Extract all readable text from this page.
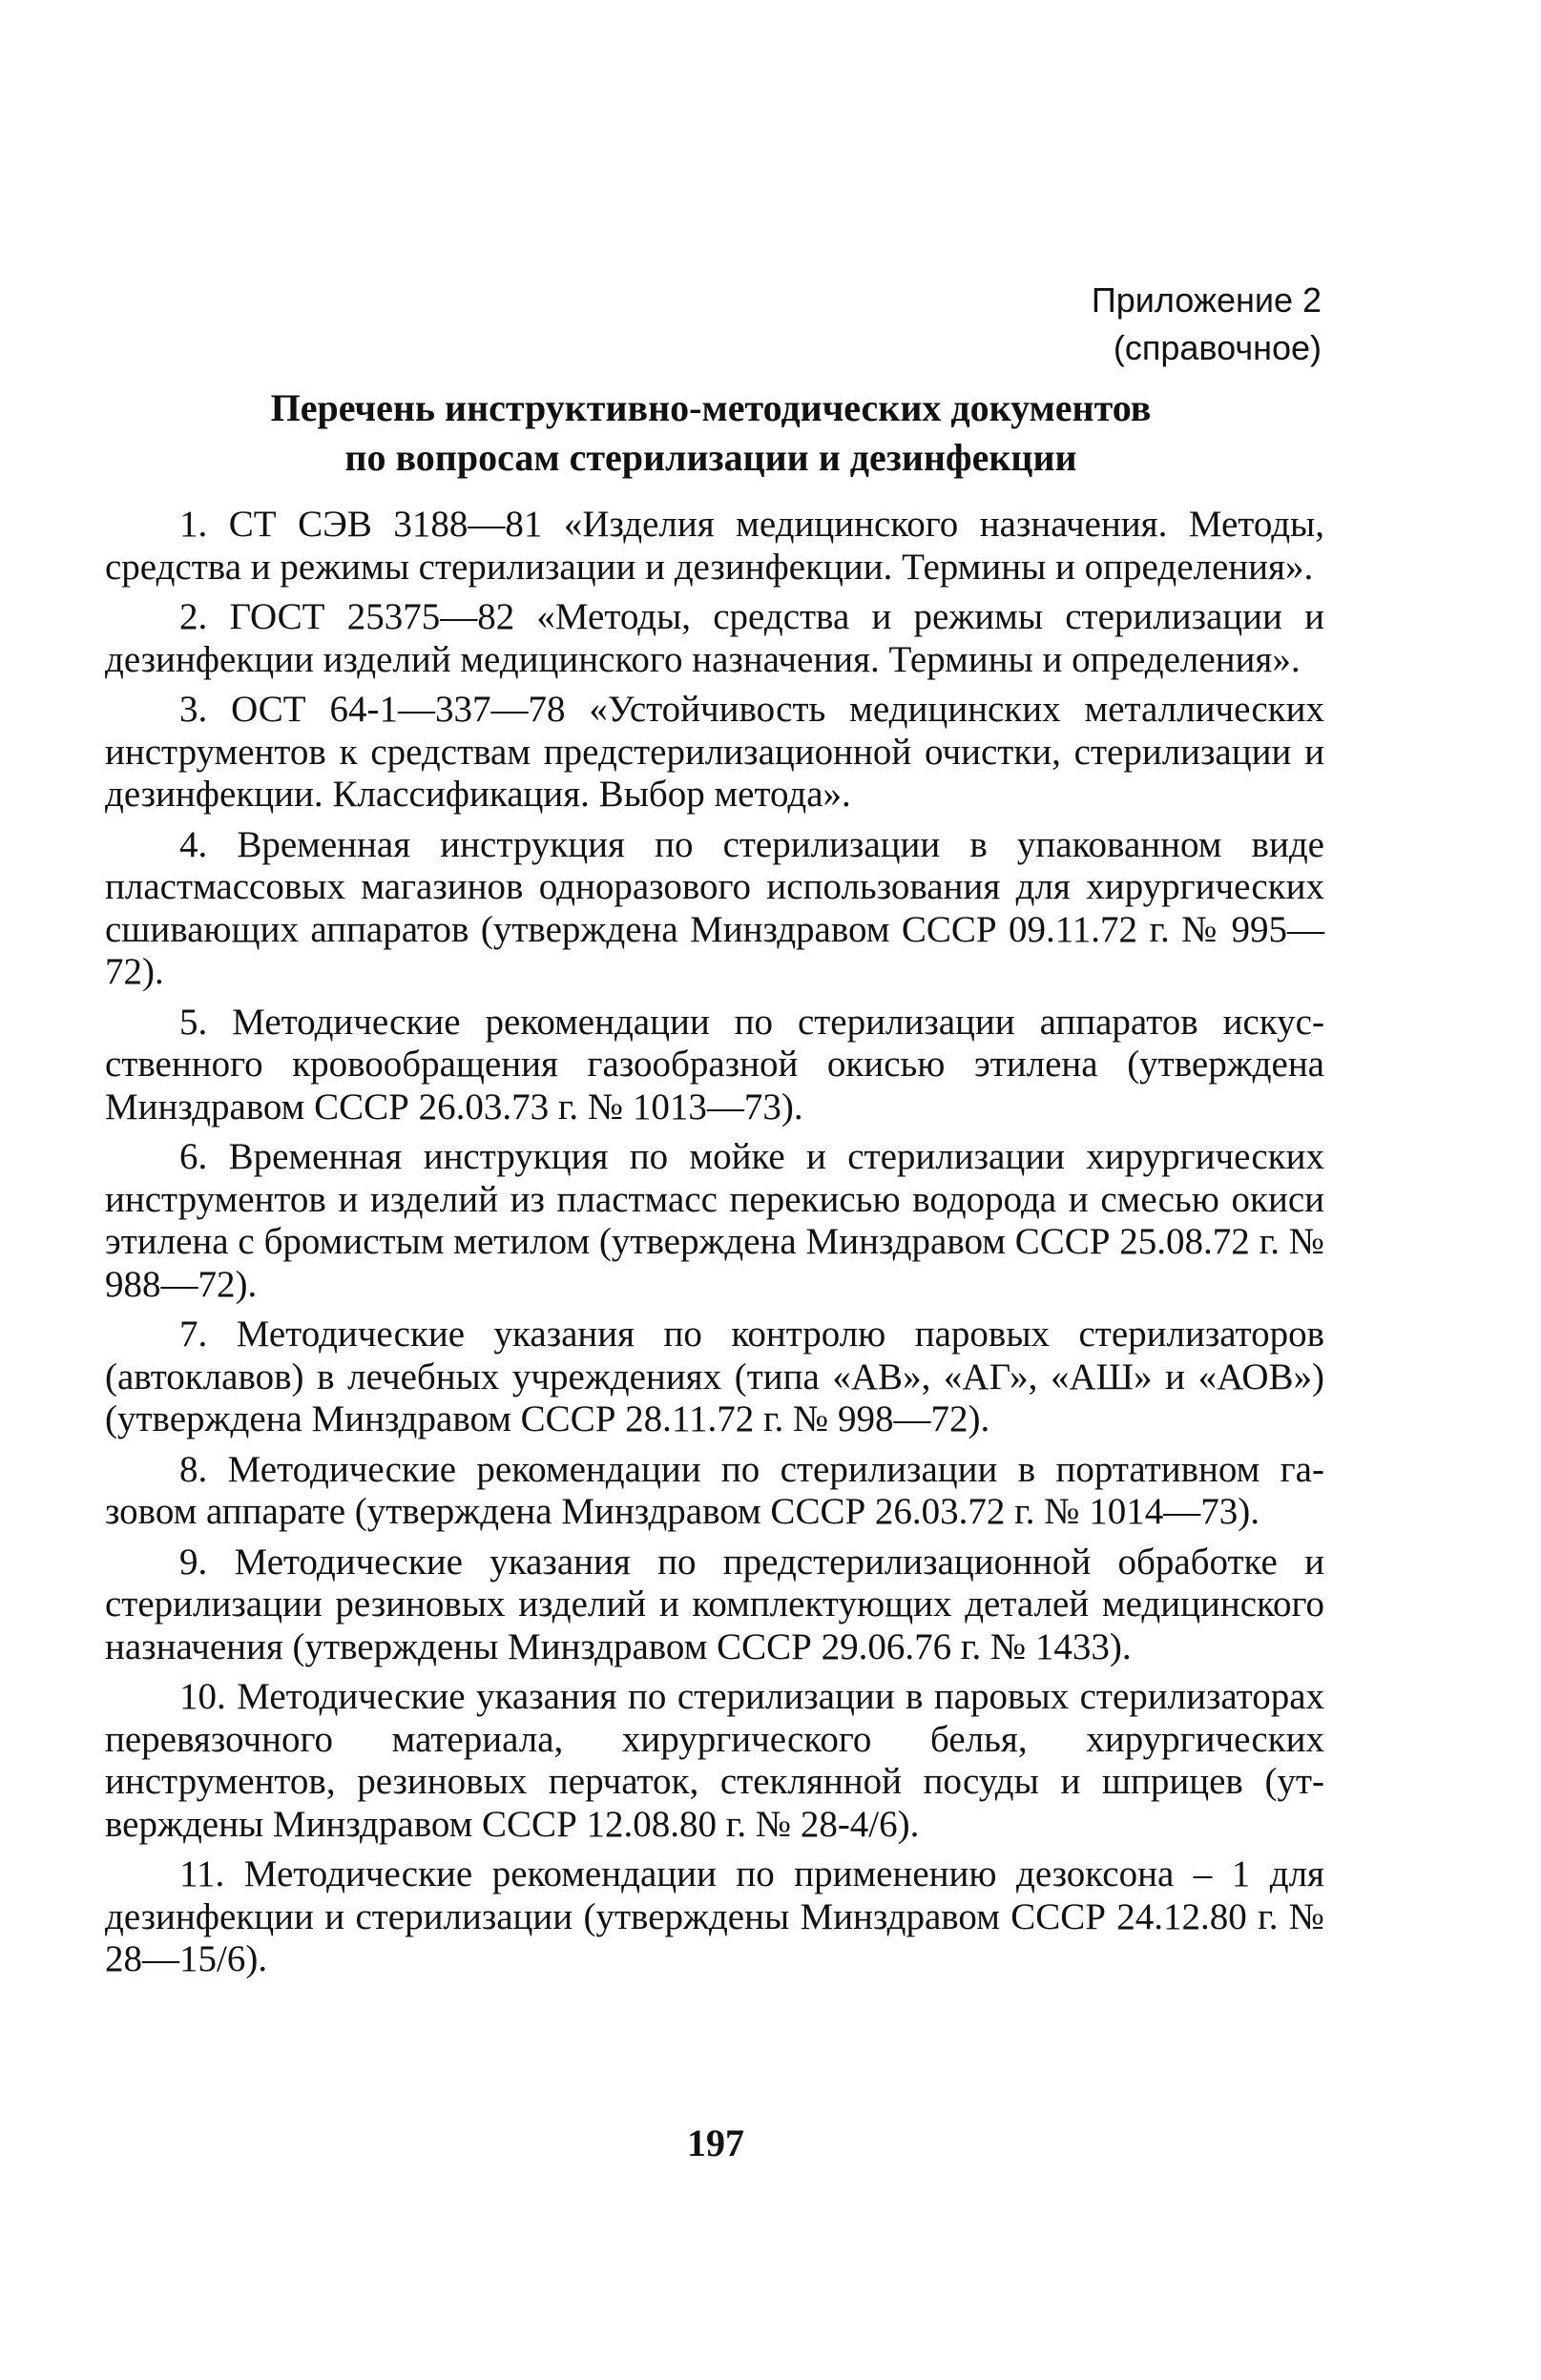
Приложение 2
(справочное)
Перечень инструктивно-методических документов
по вопросам стерилизации и дезинфекции

1. СТ СЭВ 3188—81 «Изделия медицинского назначения. Методы, средства и режимы стерилизации и дезинфекции. Термины и определения».

2. ГОСТ 25375—82 «Методы, средства и режимы стерилизации и дезинфекции изделий медицинского назначения. Термины и определения».

3. ОСТ 64-1—337—78 «Устойчивость медицинских металлических инструментов к средствам предстерилизационной очистки, стерилизации и дезинфекции. Классификация. Выбор метода».

4. Временная инструкция по стерилизации в упакованном виде пластмассовых магазинов одноразового использования для хирургических сшивающих аппаратов (утверждена Минздравом СССР 09.11.72 г. № 995—72).

5. Методические рекомендации по стерилизации аппаратов искусственного кровообращения газообразной окисью этилена (утверждена Минздравом СССР 26.03.73 г. № 1013—73).

6. Временная инструкция по мойке и стерилизации хирургических инструментов и изделий из пластмасс перекисью водорода и смесью окиси этилена с бромистым метилом (утверждена Минздравом СССР 25.08.72 г. № 988—72).

7. Методические указания по контролю паровых стерилизаторов (автоклавов) в лечебных учреждениях (типа «АВ», «АГ», «АШ» и «АОВ») (утверждена Минздравом СССР 28.11.72 г. № 998—72).

8. Методические рекомендации по стерилизации в портативном газовом аппарате (утверждена Минздравом СССР 26.03.72 г. № 1014—73).

9. Методические указания по предстерилизационной обработке и стерилизации резиновых изделий и комплектующих деталей медицинского назначения (утверждены Минздравом СССР 29.06.76 г. № 1433).

10. Методические указания по стерилизации в паровых стерилизаторах перевязочного материала, хирургического белья, хирургических инструментов, резиновых перчаток, стеклянной посуды и шприцев (утверждены Минздравом СССР 12.08.80 г. № 28-4/6).

11. Методические рекомендации по применению дезоксона – 1 для дезинфекции и стерилизации (утверждены Минздравом СССР 24.12.80 г. № 28—15/6).

197
